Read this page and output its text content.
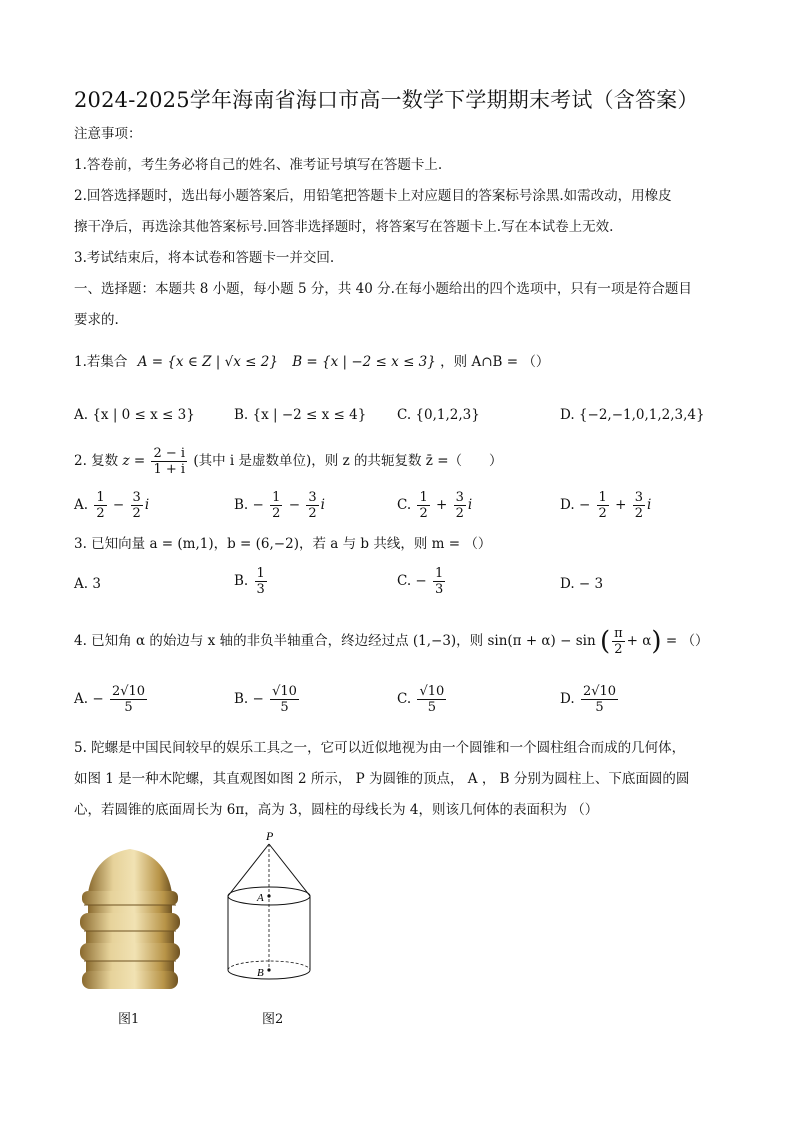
2024-2025学年海南省海口市高一数学下学期期末考试（含答案）
注意事项：
1.答卷前，考生务必将自己的姓名、准考证号填写在答题卡上.
2.回答选择题时，选出每小题答案后，用铅笔把答题卡上对应题目的答案标号涂黑.如需改动，用橡皮
擦干净后，再选涂其他答案标号.回答非选择题时，将答案写在答题卡上.写在本试卷上无效.
3.考试结束后，将本试卷和答题卡一并交回.
一、选择题：本题共 8 小题，每小题 5 分，共 40 分.在每小题给出的四个选项中，只有一项是符合题目
要求的.
1.若集合 A = {x ∈ Z | √x ≤ 2} B = {x | −2 ≤ x ≤ 3} ，则 A∩B = （）
A. {x | 0 ≤ x ≤ 3}	B. {x | −2 ≤ x ≤ 4} C. {0,1,2,3}	D. {−2,−1,0,1,2,3,4}
2. 复数 $z = \frac{2 - i}{1 + i}$ (其中 i 是虚数单位)，则 z 的共轭复数 z̄ =（　　）
A. $\frac{1}{2} - \frac{3}{2}$ i	B. − $\frac{1}{2} - \frac{3}{2}$ i	C. $\frac{1}{2} + \frac{3}{2}$ i	D. − $\frac{1}{2} + \frac{3}{2}$ i
3. 已知向量 a = (m,1)，b = (6,−2)，若 a 与 b 共线，则 m = （）
A. 3	B. $\frac{1}{3}$	C. − $\frac{1}{3}$	D. − 3
4. 已知角 α 的始边与 x 轴的非负半轴重合，终边经过点 (1,−3)，则 sin(π + α) − sin ( $\frac{\pi}{2} + \alpha$) = （）
A. − $\frac{2√10}{5}$	B. − $\frac{√10}{5}$	C. $\frac{√10}{5}$	D. $\frac{2√10}{5}$
5. 陀螺是中国民间较早的娱乐工具之一，它可以近似地视为由一个圆锥和一个圆柱组合而成的几何体，
如图 1 是一种木陀螺，其直观图如图 2 所示， P 为圆锥的顶点， A ， B 分别为圆柱上、下底面圆的圆
心，若圆锥的底面周长为 6π，高为 3，圆柱的母线长为 4，则该几何体的表面积为 （）
图1
P
A
B
图2
